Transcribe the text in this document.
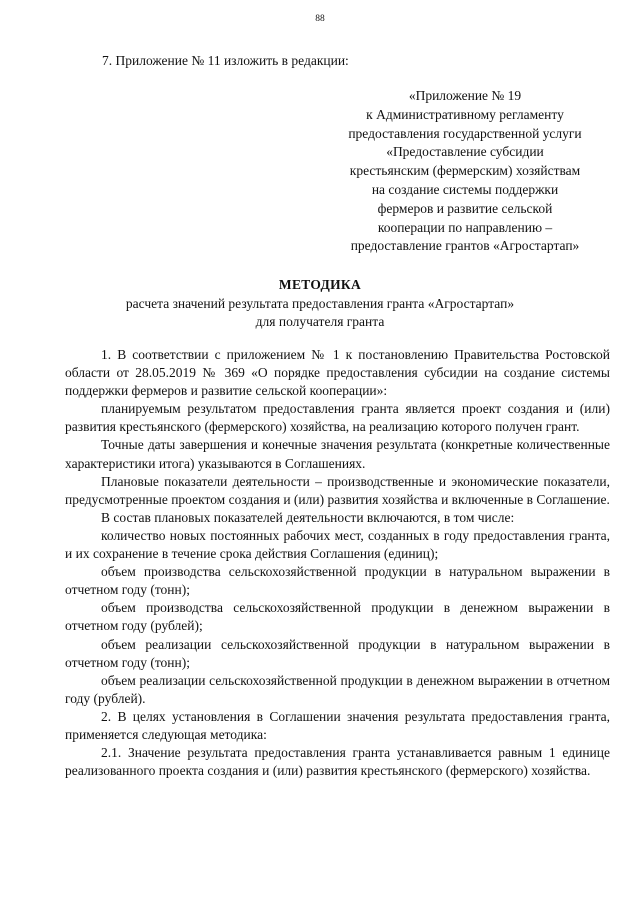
88
7. Приложение № 11 изложить в редакции:
«Приложение № 19
к Административному регламенту
предоставления государственной услуги
«Предоставление субсидии
крестьянским (фермерским) хозяйствам
на создание системы поддержки
фермеров и развитие сельской
кооперации по направлению –
предоставление грантов «Агростартап»
МЕТОДИКА
расчета значений результата предоставления гранта «Агростартап»
для получателя гранта

1. В соответствии с приложением № 1 к постановлению Правительства Ростовской области от 28.05.2019 № 369 «О порядке предоставления субсидии на создание системы поддержки фермеров и развитие сельской кооперации»:

планируемым результатом предоставления гранта является проект создания и (или) развития крестьянского (фермерского) хозяйства, на реализацию которого получен грант.

Точные даты завершения и конечные значения результата (конкретные количественные характеристики итога) указываются в Соглашениях.

Плановые показатели деятельности – производственные и экономические показатели, предусмотренные проектом создания и (или) развития хозяйства и включенные в Соглашение.

В состав плановых показателей деятельности включаются, в том числе:

количество новых постоянных рабочих мест, созданных в году предоставления гранта, и их сохранение в течение срока действия Соглашения (единиц);

объем производства сельскохозяйственной продукции в натуральном выражении в отчетном году (тонн);

объем производства сельскохозяйственной продукции в денежном выражении в отчетном году (рублей);

объем реализации сельскохозяйственной продукции в натуральном выражении в отчетном году (тонн);

объем реализации сельскохозяйственной продукции в денежном выражении в отчетном году (рублей).

2. В целях установления в Соглашении значения результата предоставления гранта, применяется следующая методика:

2.1. Значение результата предоставления гранта устанавливается равным 1 единице реализованного проекта создания и (или) развития крестьянского (фермерского) хозяйства.
